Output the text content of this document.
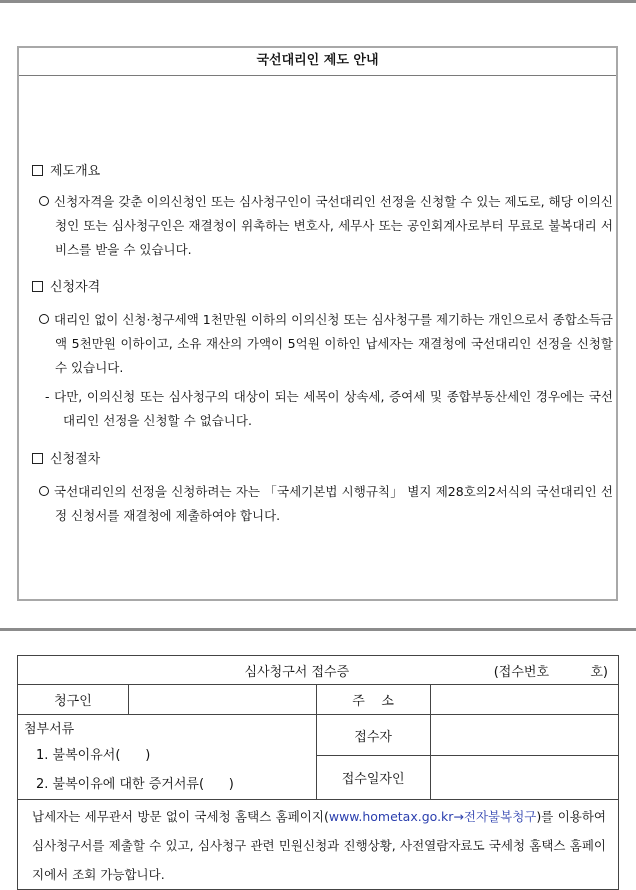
국선대리인 제도 안내
제도개요
신청자격을 갖춘 이의신청인 또는 심사청구인이 국선대리인 선정을 신청할 수 있는 제도로, 해당 이의신청인 또는 심사청구인은 재결청이 위촉하는 변호사, 세무사 또는 공인회계사로부터 무료로 불복대리 서비스를 받을 수 있습니다.
신청자격
대리인 없이 신청·청구세액 1천만원 이하의 이의신청 또는 심사청구를 제기하는 개인으로서 종합소득금액 5천만원 이하이고, 소유 재산의 가액이 5억원 이하인 납세자는 재결청에 국선대리인 선정을 신청할 수 있습니다.
- 다만, 이의신청 또는 심사청구의 대상이 되는 세목이 상속세, 증여세 및 종합부동산세인 경우에는 국선대리인 선정을 신청할 수 없습니다.
신청절차
국선대리인의 선정을 신청하려는 자는 「국세기본법 시행규칙」 별지 제28호의2서식의 국선대리인 선정 신청서를 재결청에 제출하여야 합니다.
(접수번호 호)
심사청구서 접수증			
청구인		주    소	

첨부서류
1. 불복이유서(      )
2. 불복이유에 대한 증거서류(      )		접수자	
		접수일자인	
납세자는 세무관서 방문 없이 국세청 홈택스 홈페이지(www.hometax.go.kr→전자불복청구)를 이용하여 심사청구서를 제출할 수 있고, 심사청구 관련 민원신청과 진행상황, 사전열람자료도 국세청 홈택스 홈페이지에서 조회 가능합니다.			
